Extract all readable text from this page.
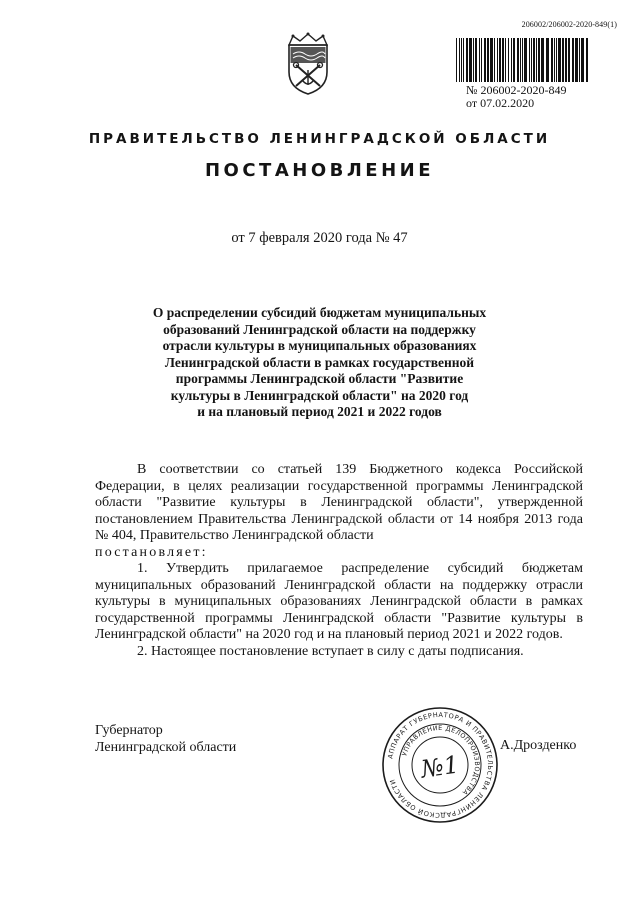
206002/206002-2020-849(1)
№ 206002-2020-849
от 07.02.2020
ПРАВИТЕЛЬСТВО ЛЕНИНГРАДСКОЙ ОБЛАСТИ
ПОСТАНОВЛЕНИЕ
от 7 февраля 2020 года № 47
О распределении субсидий бюджетам муниципальных
образований Ленинградской области на поддержку
отрасли культуры в муниципальных образованиях
Ленинградской области в рамках государственной
программы Ленинградской области "Развитие
культуры в Ленинградской области" на 2020 год
и на плановый период 2021 и 2022 годов

В соответствии со статьей 139 Бюджетного кодекса Российской Федерации, в целях реализации государственной программы Ленинградской области "Развитие культуры в Ленинградской области", утвержденной постановлением Правительства Ленинградской области от 14 ноября 2013 года № 404, Правительство Ленинградской области

постановляет:

1. Утвердить прилагаемое распределение субсидий бюджетам муниципальных образований Ленинградской области на поддержку отрасли культуры в муниципальных образованиях Ленинградской области в рамках государственной программы Ленинградской области "Развитие культуры в Ленинградской области" на 2020 год и на плановый период 2021 и 2022 годов.

2. Настоящее постановление вступает в силу с даты подписания.

Губернатор
Ленинградской области
АППАРАТ ГУБЕРНАТОРА И ПРАВИТЕЛЬСТВА ЛЕНИНГРАДСКОЙ ОБЛАСТИ
УПРАВЛЕНИЕ ДЕЛОПРОИЗВОДСТВА
№1
А.Дрозденко
